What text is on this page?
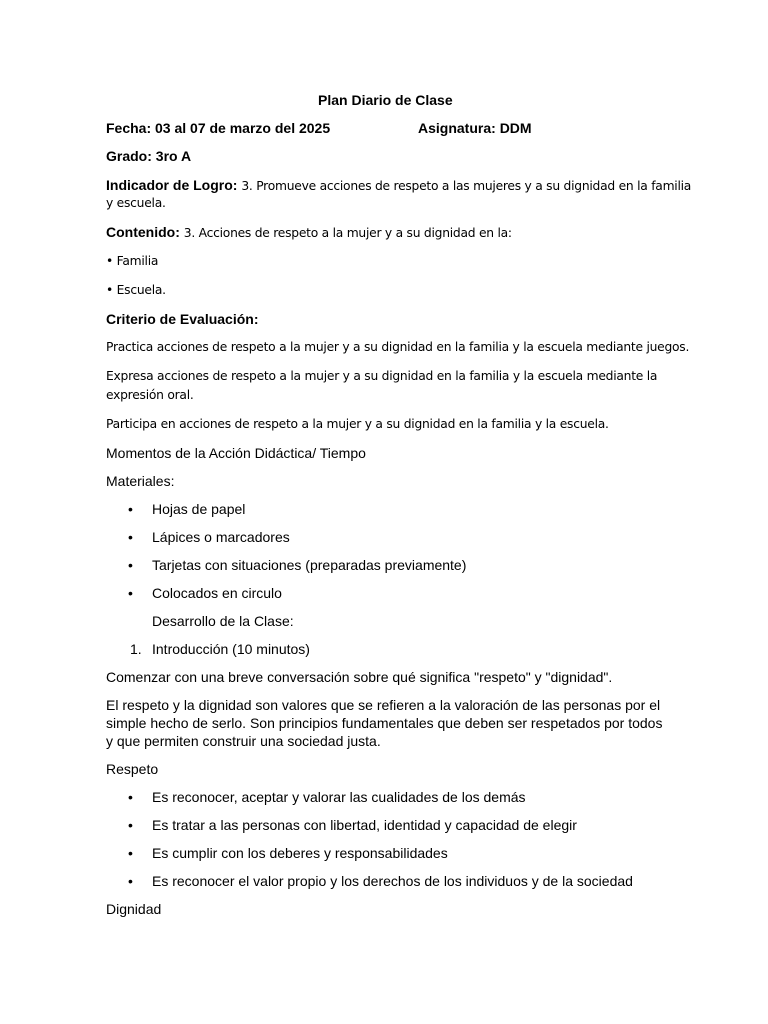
Plan Diario de Clase
Fecha: 03 al 07 de marzo del 2025	Asignatura: DDM
Grado: 3ro A
Indicador de Logro: 3. Promueve acciones de respeto a las mujeres y a su dignidad en la familia
y escuela.
Contenido: 3. Acciones de respeto a la mujer y a su dignidad en la:
• Familia
• Escuela.
Criterio de Evaluación:
Practica acciones de respeto a la mujer y a su dignidad en la familia y la escuela mediante juegos.
Expresa acciones de respeto a la mujer y a su dignidad en la familia y la escuela mediante la
expresión oral.
Participa en acciones de respeto a la mujer y a su dignidad en la familia y la escuela.
Momentos de la Acción Didáctica/ Tiempo
Materiales:
• Hojas de papel
• Lápices o marcadores
• Tarjetas con situaciones (preparadas previamente)
• Colocados en circulo
Desarrollo de la Clase:
1. Introducción (10 minutos)
Comenzar con una breve conversación sobre qué significa "respeto" y "dignidad".
El respeto y la dignidad son valores que se refieren a la valoración de las personas por el
simple hecho de serlo. Son principios fundamentales que deben ser respetados por todos
y que permiten construir una sociedad justa.
Respeto
• Es reconocer, aceptar y valorar las cualidades de los demás
• Es tratar a las personas con libertad, identidad y capacidad de elegir
• Es cumplir con los deberes y responsabilidades
• Es reconocer el valor propio y los derechos de los individuos y de la sociedad
Dignidad
